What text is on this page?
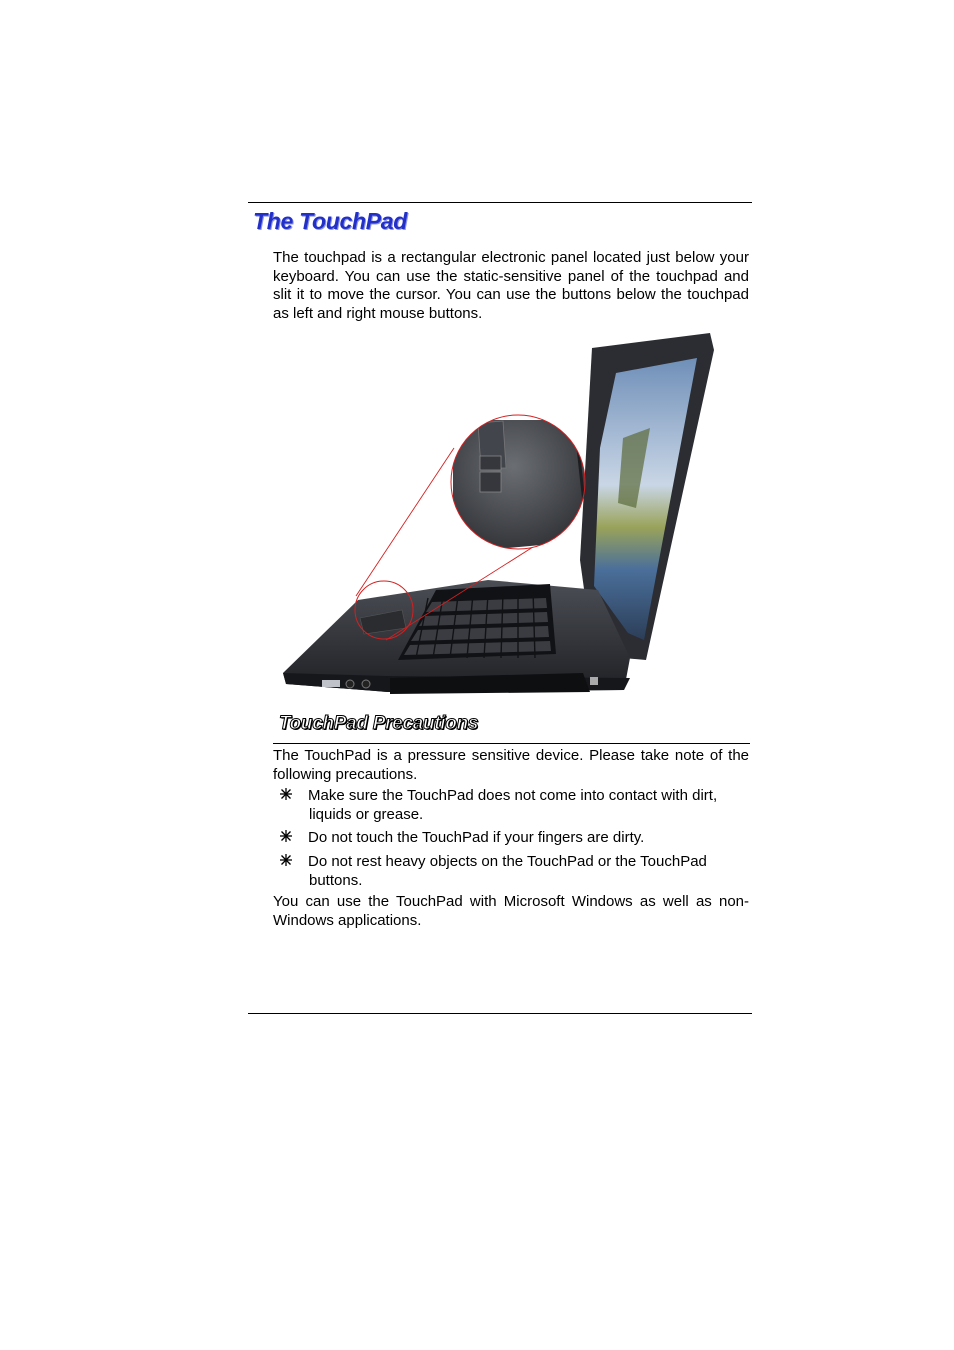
The TouchPad

The touchpad is a rectangular electronic panel located just below your keyboard. You can use the static-sensitive panel of the touchpad and slit it to move the cursor. You can use the buttons below the touchpad as left and right mouse buttons.

TouchPad Precautions

The TouchPad is a pressure sensitive device. Please take note of the following precautions.

Make sure the TouchPad does not come into contact with dirt,
liquids or grease.
Do not touch the TouchPad if your fingers are dirty.
Do not rest heavy objects on the TouchPad or the TouchPad
buttons.

You can use the TouchPad with Microsoft Windows as well as non-Windows applications.
